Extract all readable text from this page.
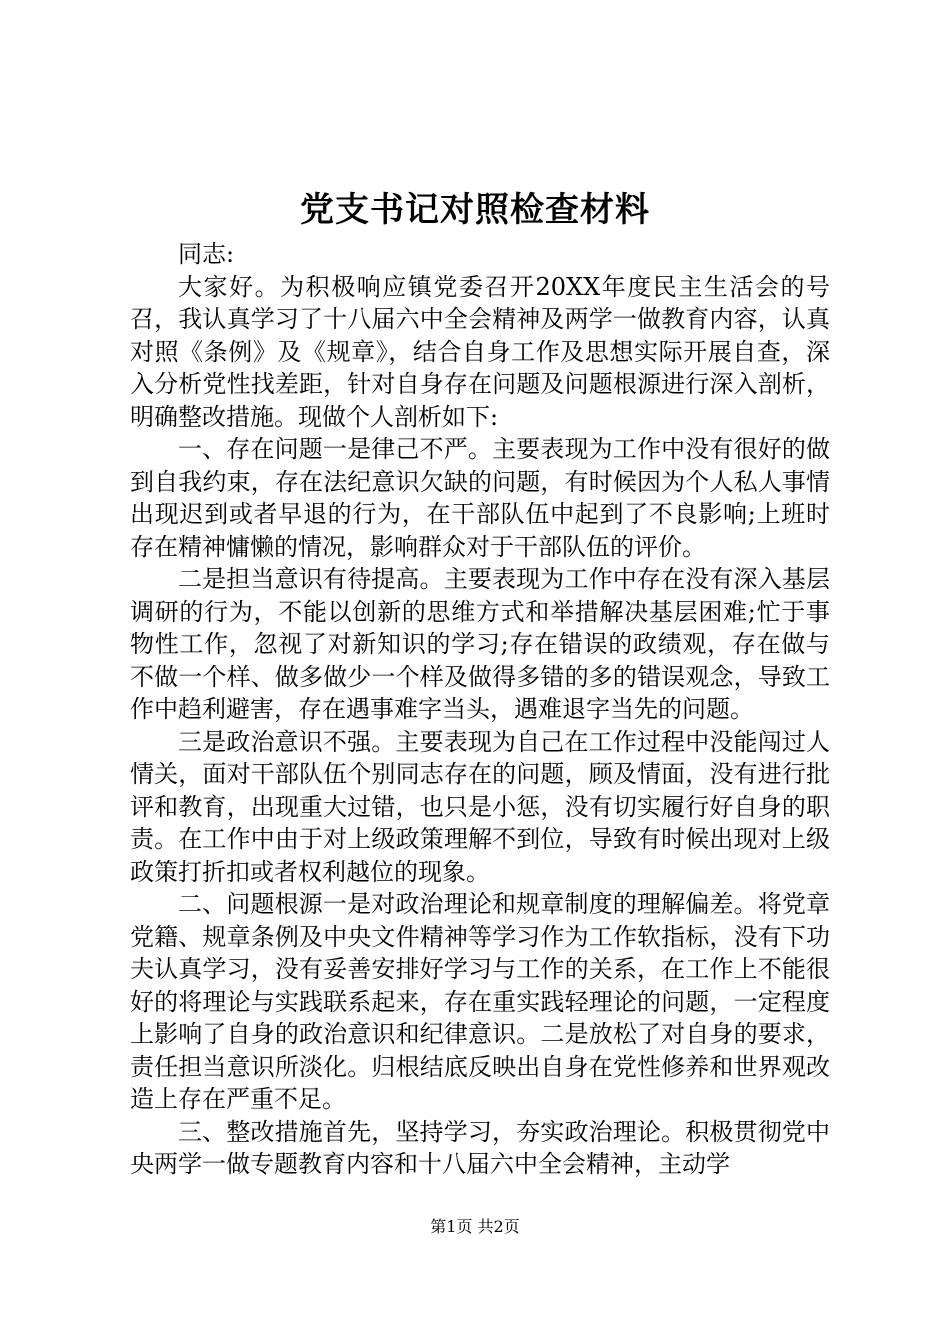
党支书记对照检查材料

同志:

大家好。为积极响应镇党委召开20XX年度民主生活会的号召，我认真学习了十八届六中全会精神及两学一做教育内容，认真对照《条例》及《规章》，结合自身工作及思想实际开展自查，深入分析党性找差距，针对自身存在问题及问题根源进行深入剖析，明确整改措施。现做个人剖析如下:

一、存在问题一是律己不严。主要表现为工作中没有很好的做到自我约束，存在法纪意识欠缺的问题，有时候因为个人私人事情出现迟到或者早退的行为，在干部队伍中起到了不良影响;上班时存在精神慵懒的情况，影响群众对于干部队伍的评价。

二是担当意识有待提高。主要表现为工作中存在没有深入基层调研的行为，不能以创新的思维方式和举措解决基层困难;忙于事物性工作，忽视了对新知识的学习;存在错误的政绩观，存在做与不做一个样、做多做少一个样及做得多错的多的错误观念，导致工作中趋利避害，存在遇事难字当头，遇难退字当先的问题。

三是政治意识不强。主要表现为自己在工作过程中没能闯过人情关，面对干部队伍个别同志存在的问题，顾及情面，没有进行批评和教育，出现重大过错，也只是小惩，没有切实履行好自身的职责。在工作中由于对上级政策理解不到位，导致有时候出现对上级政策打折扣或者权利越位的现象。

二、问题根源一是对政治理论和规章制度的理解偏差。将党章党籍、规章条例及中央文件精神等学习作为工作软指标，没有下功夫认真学习，没有妥善安排好学习与工作的关系，在工作上不能很好的将理论与实践联系起来，存在重实践轻理论的问题，一定程度上影响了自身的政治意识和纪律意识。二是放松了对自身的要求，责任担当意识所淡化。归根结底反映出自身在党性修养和世界观改造上存在严重不足。

三、整改措施首先，坚持学习，夯实政治理论。积极贯彻党中央两学一做专题教育内容和十八届六中全会精神，主动学

第1页 共2页
